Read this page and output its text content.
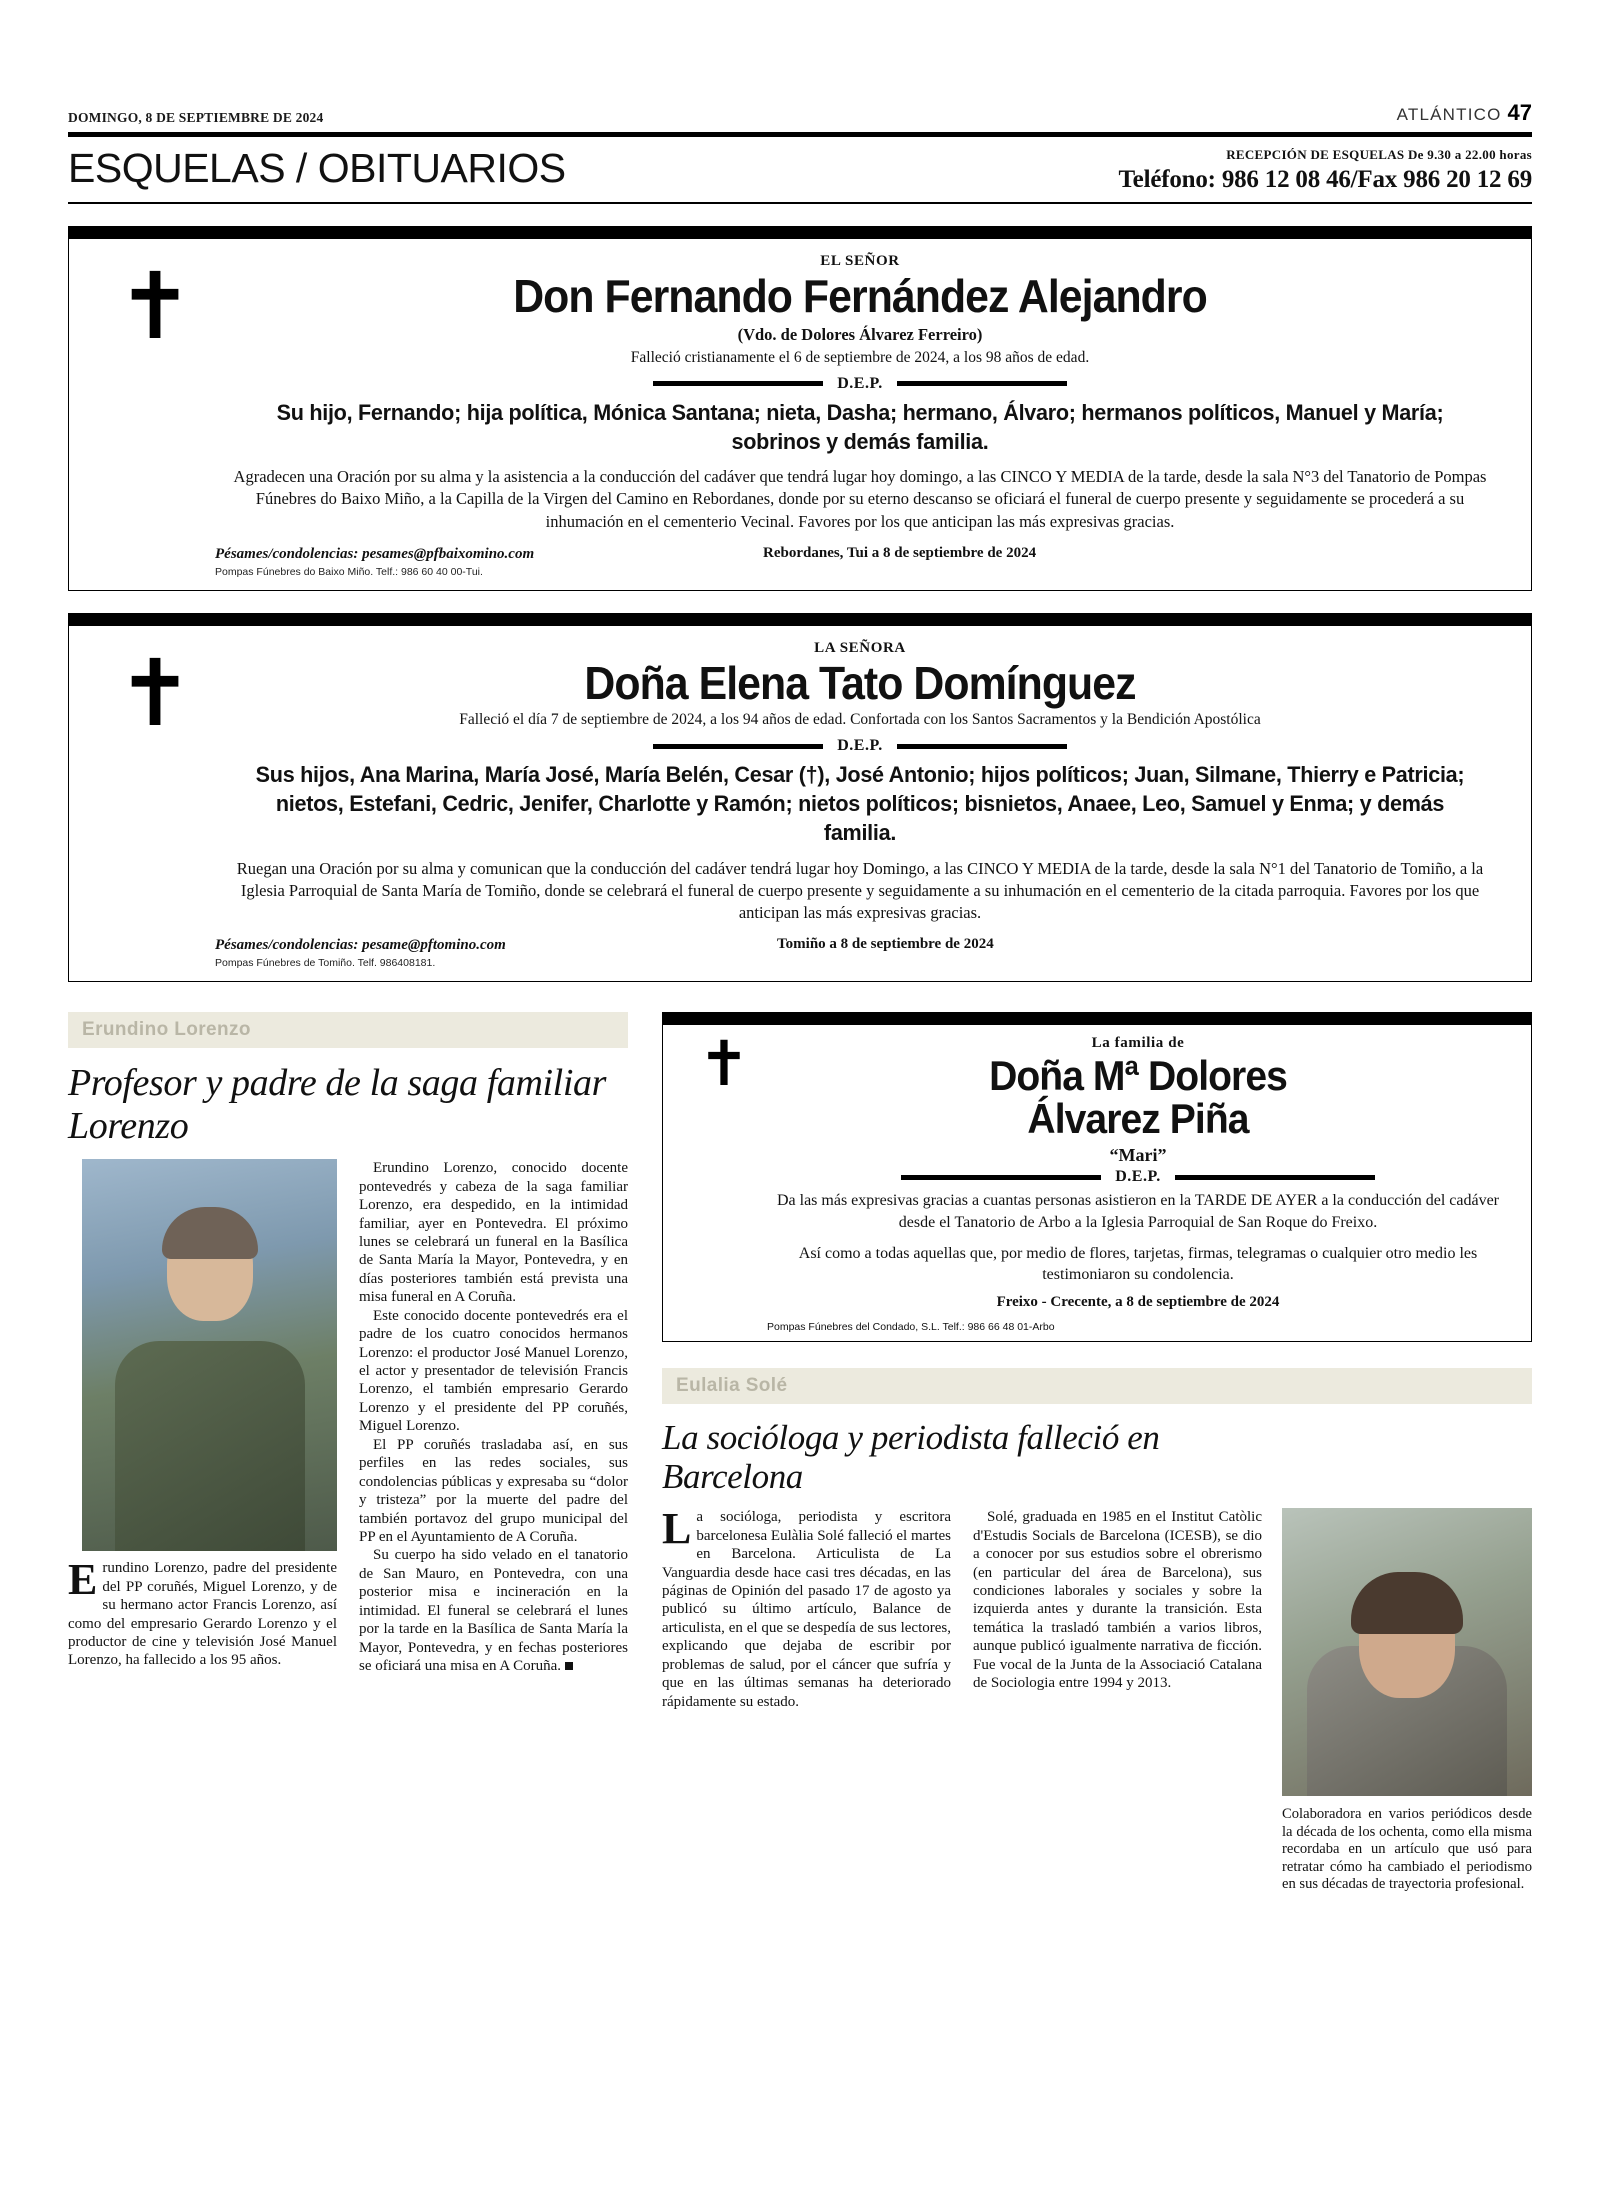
DOMINGO, 8 DE SEPTIEMBRE DE 2024	ATLÁNTICO 47
ESQUELAS / OBITUARIOS	RECEPCIÓN DE ESQUELAS De 9.30 a 22.00 horas
Teléfono: 986 12 08 46/Fax 986 20 12 69
✝	EL SEÑOR
Don Fernando Fernández Alejandro
(Vdo. de Dolores Álvarez Ferreiro)
Falleció cristianamente el 6 de septiembre de 2024, a los 98 años de edad.
D.E.P.
Su hijo, Fernando; hija política, Mónica Santana; nieta, Dasha; hermano, Álvaro; hermanos políticos, Manuel y María; sobrinos y demás familia.
Agradecen una Oración por su alma y la asistencia a la conducción del cadáver que tendrá lugar hoy domingo, a las CINCO Y MEDIA de la tarde, desde la sala N°3 del Tanatorio de Pompas Fúnebres do Baixo Miño, a la Capilla de la Virgen del Camino en Rebordanes, donde por su eterno descanso se oficiará el funeral de cuerpo presente y seguidamente se procederá a su inhumación en el cementerio Vecinal. Favores por los que anticipan las más expresivas gracias.
Pésames/condolencias: pesames@pfbaixomino.com
Pompas Fúnebres do Baixo Miño. Telf.: 986 60 40 00-Tui.
Rebordanes, Tui a 8 de septiembre de 2024
✝	LA SEÑORA
Doña Elena Tato Domínguez
Falleció el día 7 de septiembre de 2024, a los 94 años de edad. Confortada con los Santos Sacramentos y la Bendición Apostólica
D.E.P.
Sus hijos, Ana Marina, María José, María Belén, Cesar (†), José Antonio; hijos políticos; Juan, Silmane, Thierry e Patricia; nietos, Estefani, Cedric, Jenifer, Charlotte y Ramón; nietos políticos; bisnietos, Anaee, Leo, Samuel y Enma; y demás familia.
Ruegan una Oración por su alma y comunican que la conducción del cadáver tendrá lugar hoy Domingo, a las CINCO Y MEDIA de la tarde, desde la sala N°1 del Tanatorio de Tomiño, a la Iglesia Parroquial de Santa María de Tomiño, donde se celebrará el funeral de cuerpo presente y seguidamente a su inhumación en el cementerio de la citada parroquia. Favores por los que anticipan las más expresivas gracias.
Pésames/condolencias: pesame@pftomino.com
Pompas Fúnebres de Tomiño. Telf. 986408181.
Tomiño a 8 de septiembre de 2024
Erundino Lorenzo
Profesor y padre de la saga familiar Lorenzo

Erundino Lorenzo, padre del presidente del PP coruñés, Miguel Lorenzo, y de su hermano actor Francis Lorenzo, así como del empresario Gerardo Lorenzo y el productor de cine y televisión José Manuel Lorenzo, ha fallecido a los 95 años.

Erundino Lorenzo, conocido docente pontevedrés y cabeza de la saga familiar Lorenzo, era despedido, en la intimidad familiar, ayer en Pontevedra. El próximo lunes se celebrará un funeral en la Basílica de Santa María la Mayor, Pontevedra, y en días posteriores también está prevista una misa funeral en A Coruña.

Este conocido docente pontevedrés era el padre de los cuatro conocidos hermanos Lorenzo: el productor José Manuel Lorenzo, el actor y presentador de televisión Francis Lorenzo, el también empresario Gerardo Lorenzo y el presidente del PP coruñés, Miguel Lorenzo.

El PP coruñés trasladaba así, en sus perfiles en las redes sociales, sus condolencias públicas y expresaba su “dolor y tristeza” por la muerte del padre del también portavoz del grupo municipal del PP en el Ayuntamiento de A Coruña.

Su cuerpo ha sido velado en el tanatorio de San Mauro, en Pontevedra, con una posterior misa e incineración en la intimidad. El funeral se celebrará el lunes por la tarde en la Basílica de Santa María la Mayor, Pontevedra, y en fechas posteriores se oficiará una misa en A Coruña.

✝	La familia de
Doña Mª Dolores
Álvarez Piña
“Mari”
D.E.P.
Da las más expresivas gracias a cuantas personas asistieron en la TARDE DE AYER a la conducción del cadáver desde el Tanatorio de Arbo a la Iglesia Parroquial de San Roque do Freixo.
Así como a todas aquellas que, por medio de flores, tarjetas, firmas, telegramas o cualquier otro medio les testimoniaron su condolencia.
Freixo - Crecente, a 8 de septiembre de 2024
Pompas Fúnebres del Condado, S.L. Telf.: 986 66 48 01-Arbo
Eulalia Solé
La socióloga y periodista falleció en Barcelona
Colaboradora en varios periódicos desde la década de los ochenta, como ella misma recordaba en un artículo que usó para retratar cómo ha cambiado el periodismo en sus décadas de trayectoria profesional.

La socióloga, periodista y escritora barcelonesa Eulàlia Solé falleció el martes en Barcelona. Articulista de La Vanguardia desde hace casi tres décadas, en las páginas de Opinión del pasado 17 de agosto ya publicó su último artículo, Balance de articulista, en el que se despedía de sus lectores, explicando que dejaba de escribir por problemas de salud, por el cáncer que sufría y que en las últimas semanas ha deteriorado rápidamente su estado.

Solé, graduada en 1985 en el Institut Catòlic d'Estudis Socials de Barcelona (ICESB), se dio a conocer por sus estudios sobre el obrerismo (en particular del área de Barcelona), sus condiciones laborales y sociales y sobre la izquierda antes y durante la transición. Esta temática la trasladó también a varios libros, aunque publicó igualmente narrativa de ficción. Fue vocal de la Junta de la Associació Catalana de Sociologia entre 1994 y 2013.
